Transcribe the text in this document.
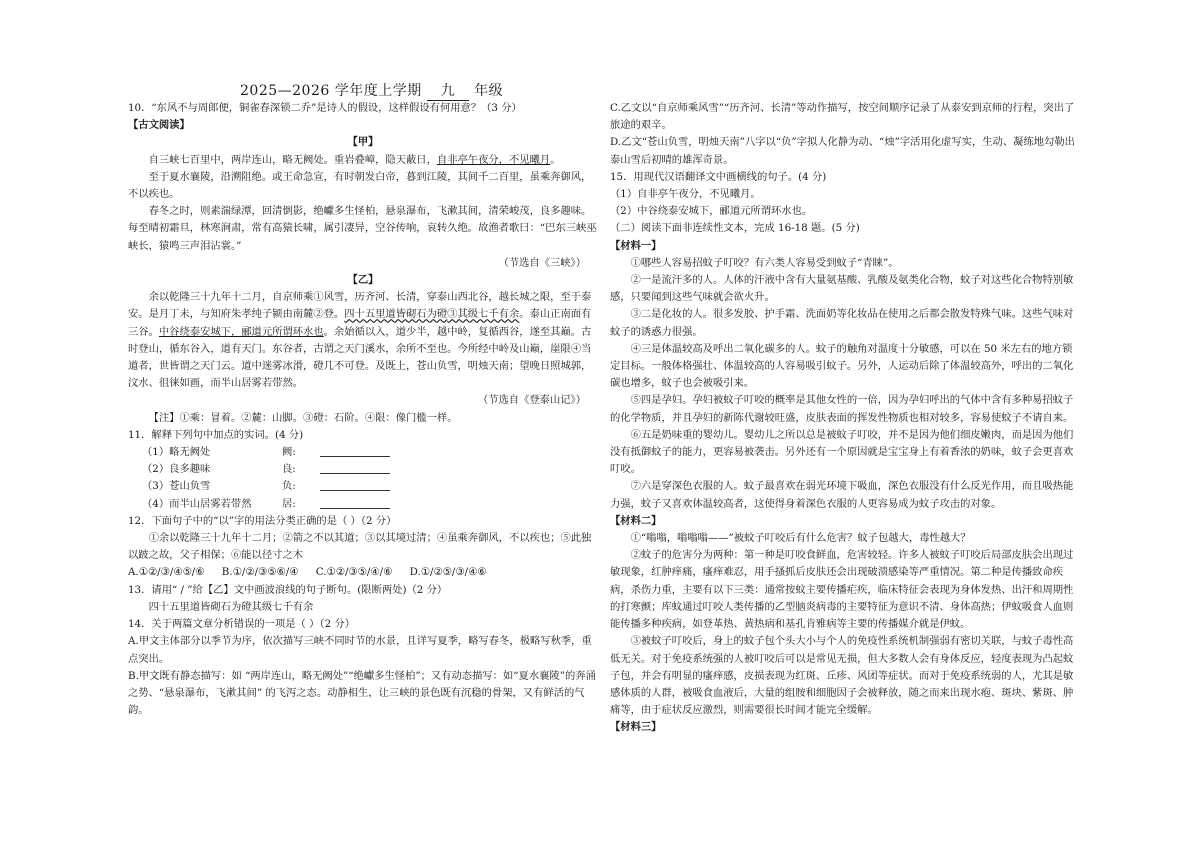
2025—2026 学年度上学期 九 年级

10．“东风不与周郎便，铜雀春深锁二乔”是诗人的假设，这样假设有何用意？（3 分）

【古文阅读】

【甲】

自三峡七百里中，两岸连山，略无阙处。重岩叠嶂，隐天蔽日，自非亭午夜分，不见曦月。

至于夏水襄陵，沿溯阻绝。或王命急宣，有时朝发白帝，暮到江陵，其间千二百里，虽乘奔御风，不以疾也。

春冬之时，则素湍绿潭，回清倒影，绝巘多生怪柏，悬泉瀑布，飞漱其间，清荣峻茂，良多趣味。每至晴初霜旦，林寒涧肃，常有高猿长啸，属引凄异，空谷传响，哀转久绝。故渔者歌曰：“巴东三峡巫峡长，猿鸣三声泪沾裳。”

（节选自《三峡》）

【乙】

余以乾隆三十九年十二月，自京师乘①风雪，历齐河、长清，穿泰山西北谷，越长城之限，至于泰安。是月丁未，与知府朱孝纯子颍由南麓②登。四十五里道皆砌石为磴③其级七千有余。泰山正南面有三谷。中谷绕泰安城下，郦道元所谓环水也。余始循以入，道少半，越中岭，复循西谷，遂至其巅。古时登山，循东谷入，道有天门。东谷者，古谓之天门溪水，余所不至也。今所经中岭及山巅，崖限④当道者，世皆谓之天门云。道中迷雾冰滑，磴几不可登。及既上，苍山负雪，明烛天南；望晚日照城郭，汶水、徂徕如画，而半山居雾若带然。

（节选自《登泰山记》）

【注】①乘：冒着。②麓：山脚。③磴：石阶。④限：像门槛一样。

11．解释下列句中加点的实词。(4 分)

（1）略无阙处	阙:
（2）良多趣味	良:
（3）苍山负雪	负:
（4）而半山居雾若带然	居:

12．下面句子中的“以”字的用法分类正确的是（ ）（2 分）

①余以乾隆三十九年十二月；②箭之不以其道；③以其境过清；④虽乘奔御风，不以疾也；⑤此独以跛之故，父子相保；⑥能以径寸之木

A.①②/③/④⑤/⑥ B.①/②/③⑤⑥/④ C.①②/③⑤/④/⑥ D.①/②⑤/③/④⑥

13．请用“ / ”给【乙】文中画波浪线的句子断句。(限断两处)（2 分）

四十五里道皆砌石为磴其级七千有余

14．关于两篇文章分析错误的一项是（ ）（2 分）

A.甲文主体部分以季节为序，依次描写三峡不同时节的水景，且详写夏季，略写春冬，极略写秋季，重点突出。

B.甲文既有静态描写：如 “两岸连山，略无阙处”“绝巘多生怪柏”；又有动态描写：如“夏水襄陵”的奔涌之势、“悬泉瀑布，飞漱其间” 的飞泻之态。动静相生，让三峡的景色既有沉稳的骨架，又有鲜活的气韵。

C.乙文以“自京师乘风雪”“历齐河、长清”等动作描写，按空间顺序记录了从泰安到京师的行程，突出了旅途的艰辛。

D.乙文“苍山负雪，明烛天南”八字以“负”字拟人化静为动、“烛”字活用化虚写实，生动、凝练地勾勒出泰山雪后初晴的雄浑奇景。

15．用现代汉语翻译文中画横线的句子。(4 分)

（1）自非亭午夜分，不见曦月。

（2）中谷绕泰安城下，郦道元所谓环水也。

（二）阅读下面非连续性文本，完成 16-18 题。(5 分)

【材料一】

①哪些人容易招蚊子叮咬？有六类人容易受到蚊子“青睐”。

②一是流汗多的人。人体的汗液中含有大量氨基酸、乳酸及氨类化合物，蚊子对这些化合物特别敏感，只要闻到这些气味就会欲火升。

③二是化妆的人。很多发胶、护手霜、洗面奶等化妆品在使用之后都会散发特殊气味。这些气味对蚊子的诱惑力很强。

④三是体温较高及呼出二氧化碳多的人。蚊子的触角对温度十分敏感，可以在 50 米左右的地方锁定目标。一般体格强壮、体温较高的人容易吸引蚊子。另外，人运动后除了体温较高外，呼出的二氧化碳也增多，蚊子也会被吸引来。

⑤四是孕妇。孕妇被蚊子叮咬的概率是其他女性的一倍，因为孕妇呼出的气体中含有多种易招蚊子的化学物质，并且孕妇的新陈代谢较旺盛，皮肤表面的挥发性物质也相对较多，容易使蚊子不请自来。

⑥五是奶味重的婴幼儿。婴幼儿之所以总是被蚊子叮咬，并不是因为他们细皮嫩肉，而是因为他们没有抵御蚊子的能力，更容易被袭击。另外还有一个原因就是宝宝身上有着香浓的奶味，蚊子会更喜欢叮咬。

⑦六是穿深色衣服的人。蚊子最喜欢在弱光环境下吸血，深色衣服没有什么反光作用，而且吸热能力强，蚊子又喜欢体温较高者，这使得身着深色衣服的人更容易成为蚊子攻击的对象。

【材料二】

①“嗡嗡，嗡嗡嗡——”被蚊子叮咬后有什么危害？蚊子包越大，毒性越大？

②蚊子的危害分为两种：第一种是叮咬食鲜血，危害较轻。许多人被蚊子叮咬后局部皮肤会出现过敏现象，红肿痒痛，瘙痒难忍，用手搔抓后皮肤还会出现破溃感染等严重情况。第二种是传播致命疾病，杀伤力重，主要有以下三类：通常按蚊主要传播疟疾，临床特征会表现为身体发热、出汗和周期性的打寒颤；库蚊通过叮咬人类传播的乙型脑炎病毒的主要特征为意识不清、身体高热；伊蚊吸食人血则能传播多种疾病，如登革热、黄热病和基孔肯雅病等主要的传播媒介就是伊蚊。

③被蚊子叮咬后，身上的蚊子包个头大小与个人的免疫性系统机制强弱有密切关联，与蚊子毒性高低无关。对于免疫系统强的人被叮咬后可以是常见无损，但大多数人会有身体反应，轻度表现为凸起蚊子包，并会有明显的瘙痒感，皮损表现为红斑、丘疹、风团等症状。而对于免疫系统弱的人，尤其是敏感体质的人群，被吸食血液后，大量的组胺和细胞因子会被释放，随之而来出现水疱、斑块、紫斑、肿痛等，由于症状反应激烈，则需要很长时间才能完全缓解。

【材料三】
